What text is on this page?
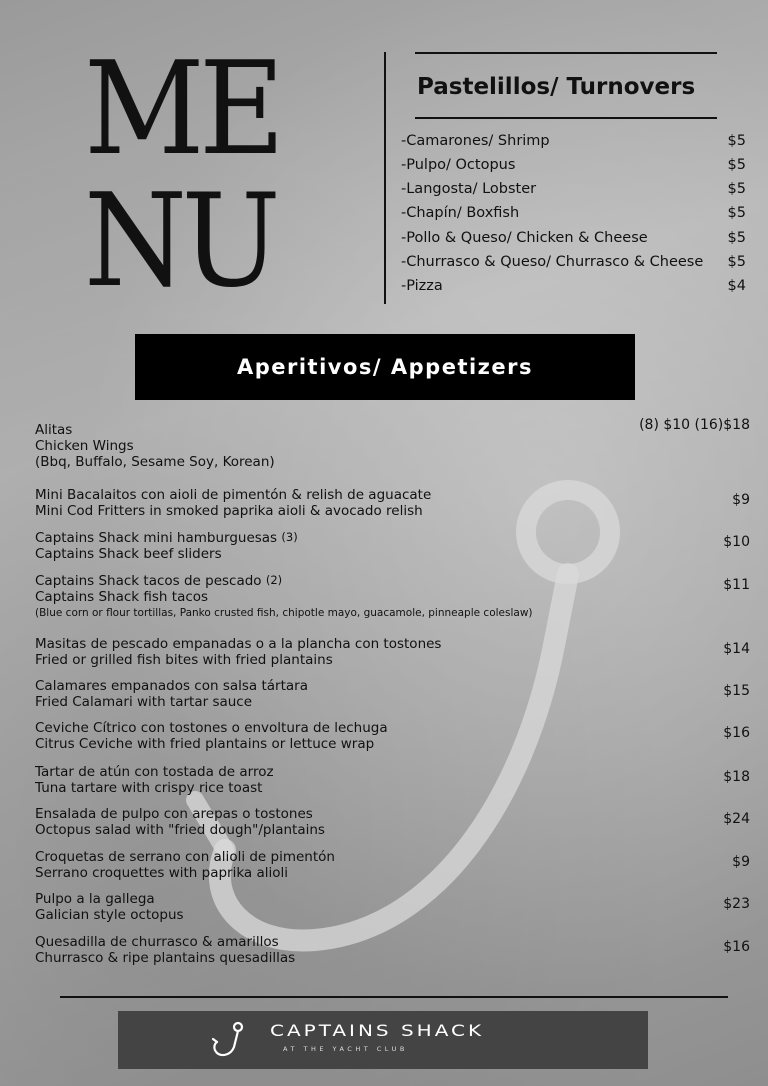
ME
NU
Pastelillos/ Turnovers
-Camarones/ Shrimp	$5
-Pulpo/ Octopus	$5
-Langosta/ Lobster	$5
-Chapín/ Boxfish	$5
-Pollo & Queso/ Chicken & Cheese	$5
-Churrasco & Queso/ Churrasco & Cheese $5
-Pizza	$4
Aperitivos/ Appetizers
Alitas
Chicken Wings
(Bbq, Buffalo, Sesame Soy, Korean)
(8) $10 (16)$18
Mini Bacalaitos con aioli de pimentón & relish de aguacate
Mini Cod Fritters in smoked paprika aioli & avocado relish
$9
Captains Shack mini hamburguesas (3)
Captains Shack beef sliders
$10
Captains Shack tacos de pescado (2)
Captains Shack fish tacos
(Blue corn or flour tortillas, Panko crusted fish, chipotle mayo, guacamole, pinneaple coleslaw)
$11
Masitas de pescado empanadas o a la plancha con tostones
Fried or grilled fish bites with fried plantains
$14
Calamares empanados con salsa tártara
Fried Calamari with tartar sauce
$15
Ceviche Cítrico con tostones o envoltura de lechuga
Citrus Ceviche with fried plantains or lettuce wrap
$16
Tartar de atún con tostada de arroz
Tuna tartare with crispy rice toast
$18
Ensalada de pulpo con arepas o tostones
Octopus salad with "fried dough"/plantains
$24
Croquetas de serrano con alioli de pimentón
Serrano croquettes with paprika alioli
$9
Pulpo a la gallega
Galician style octopus
$23
Quesadilla de churrasco & amarillos
Churrasco & ripe plantains quesadillas
$16
CAPTAINS SHACK
AT THE YACHT CLUB
